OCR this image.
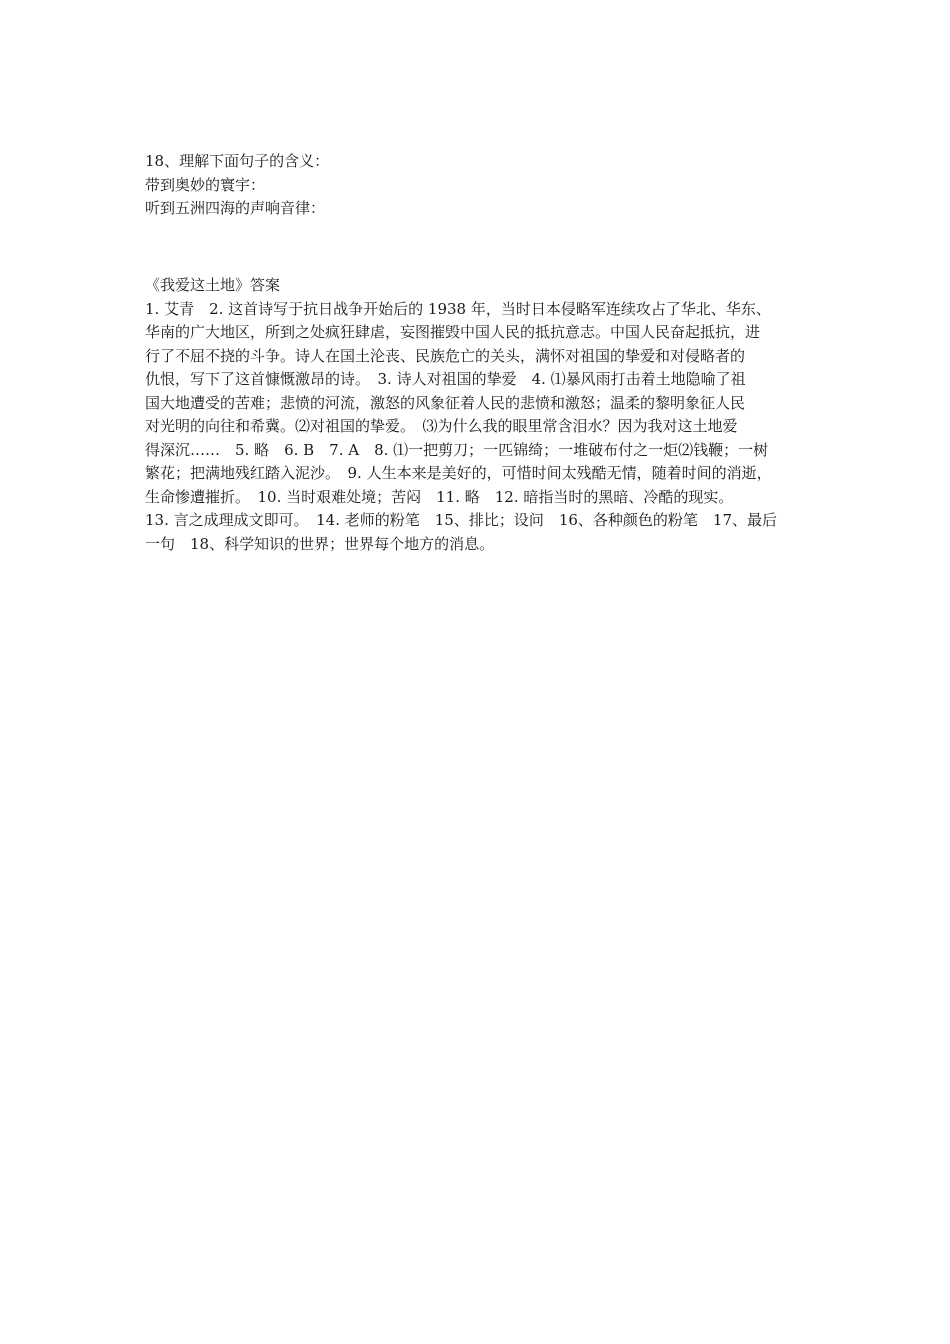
18、理解下面句子的含义：
带到奥妙的寰宇：
听到五洲四海的声响音律：
《我爱这土地》答案
1. 艾青　2. 这首诗写于抗日战争开始后的 1938 年，当时日本侵略军连续攻占了华北、华东、
华南的广大地区，所到之处疯狂肆虐，妄图摧毁中国人民的抵抗意志。中国人民奋起抵抗，进
行了不屈不挠的斗争。诗人在国土沦丧、民族危亡的关头，满怀对祖国的挚爱和对侵略者的
仇恨，写下了这首慷慨激昂的诗。　3. 诗人对祖国的挚爱　4. ⑴暴风雨打击着土地隐喻了祖
国大地遭受的苦难；悲愤的河流，激怒的风象征着人民的悲愤和激怒；温柔的黎明象征人民
对光明的向往和希冀。⑵对祖国的挚爱。　⑶为什么我的眼里常含泪水？因为我对这土地爱
得深沉……　5. 略　6. B　7. A　8. ⑴一把剪刀；一匹锦绮；一堆破布付之一炬⑵钱鞭；一树
繁花；把满地残红踏入泥沙。　9. 人生本来是美好的，可惜时间太残酷无情，随着时间的消逝，
生命惨遭摧折。　10. 当时艰难处境；苦闷　11. 略　12. 暗指当时的黑暗、冷酷的现实。
13. 言之成理成文即可。　14. 老师的粉笔　15、排比；设问　16、各种颜色的粉笔　17、最后
一句　18、科学知识的世界；世界每个地方的消息。
